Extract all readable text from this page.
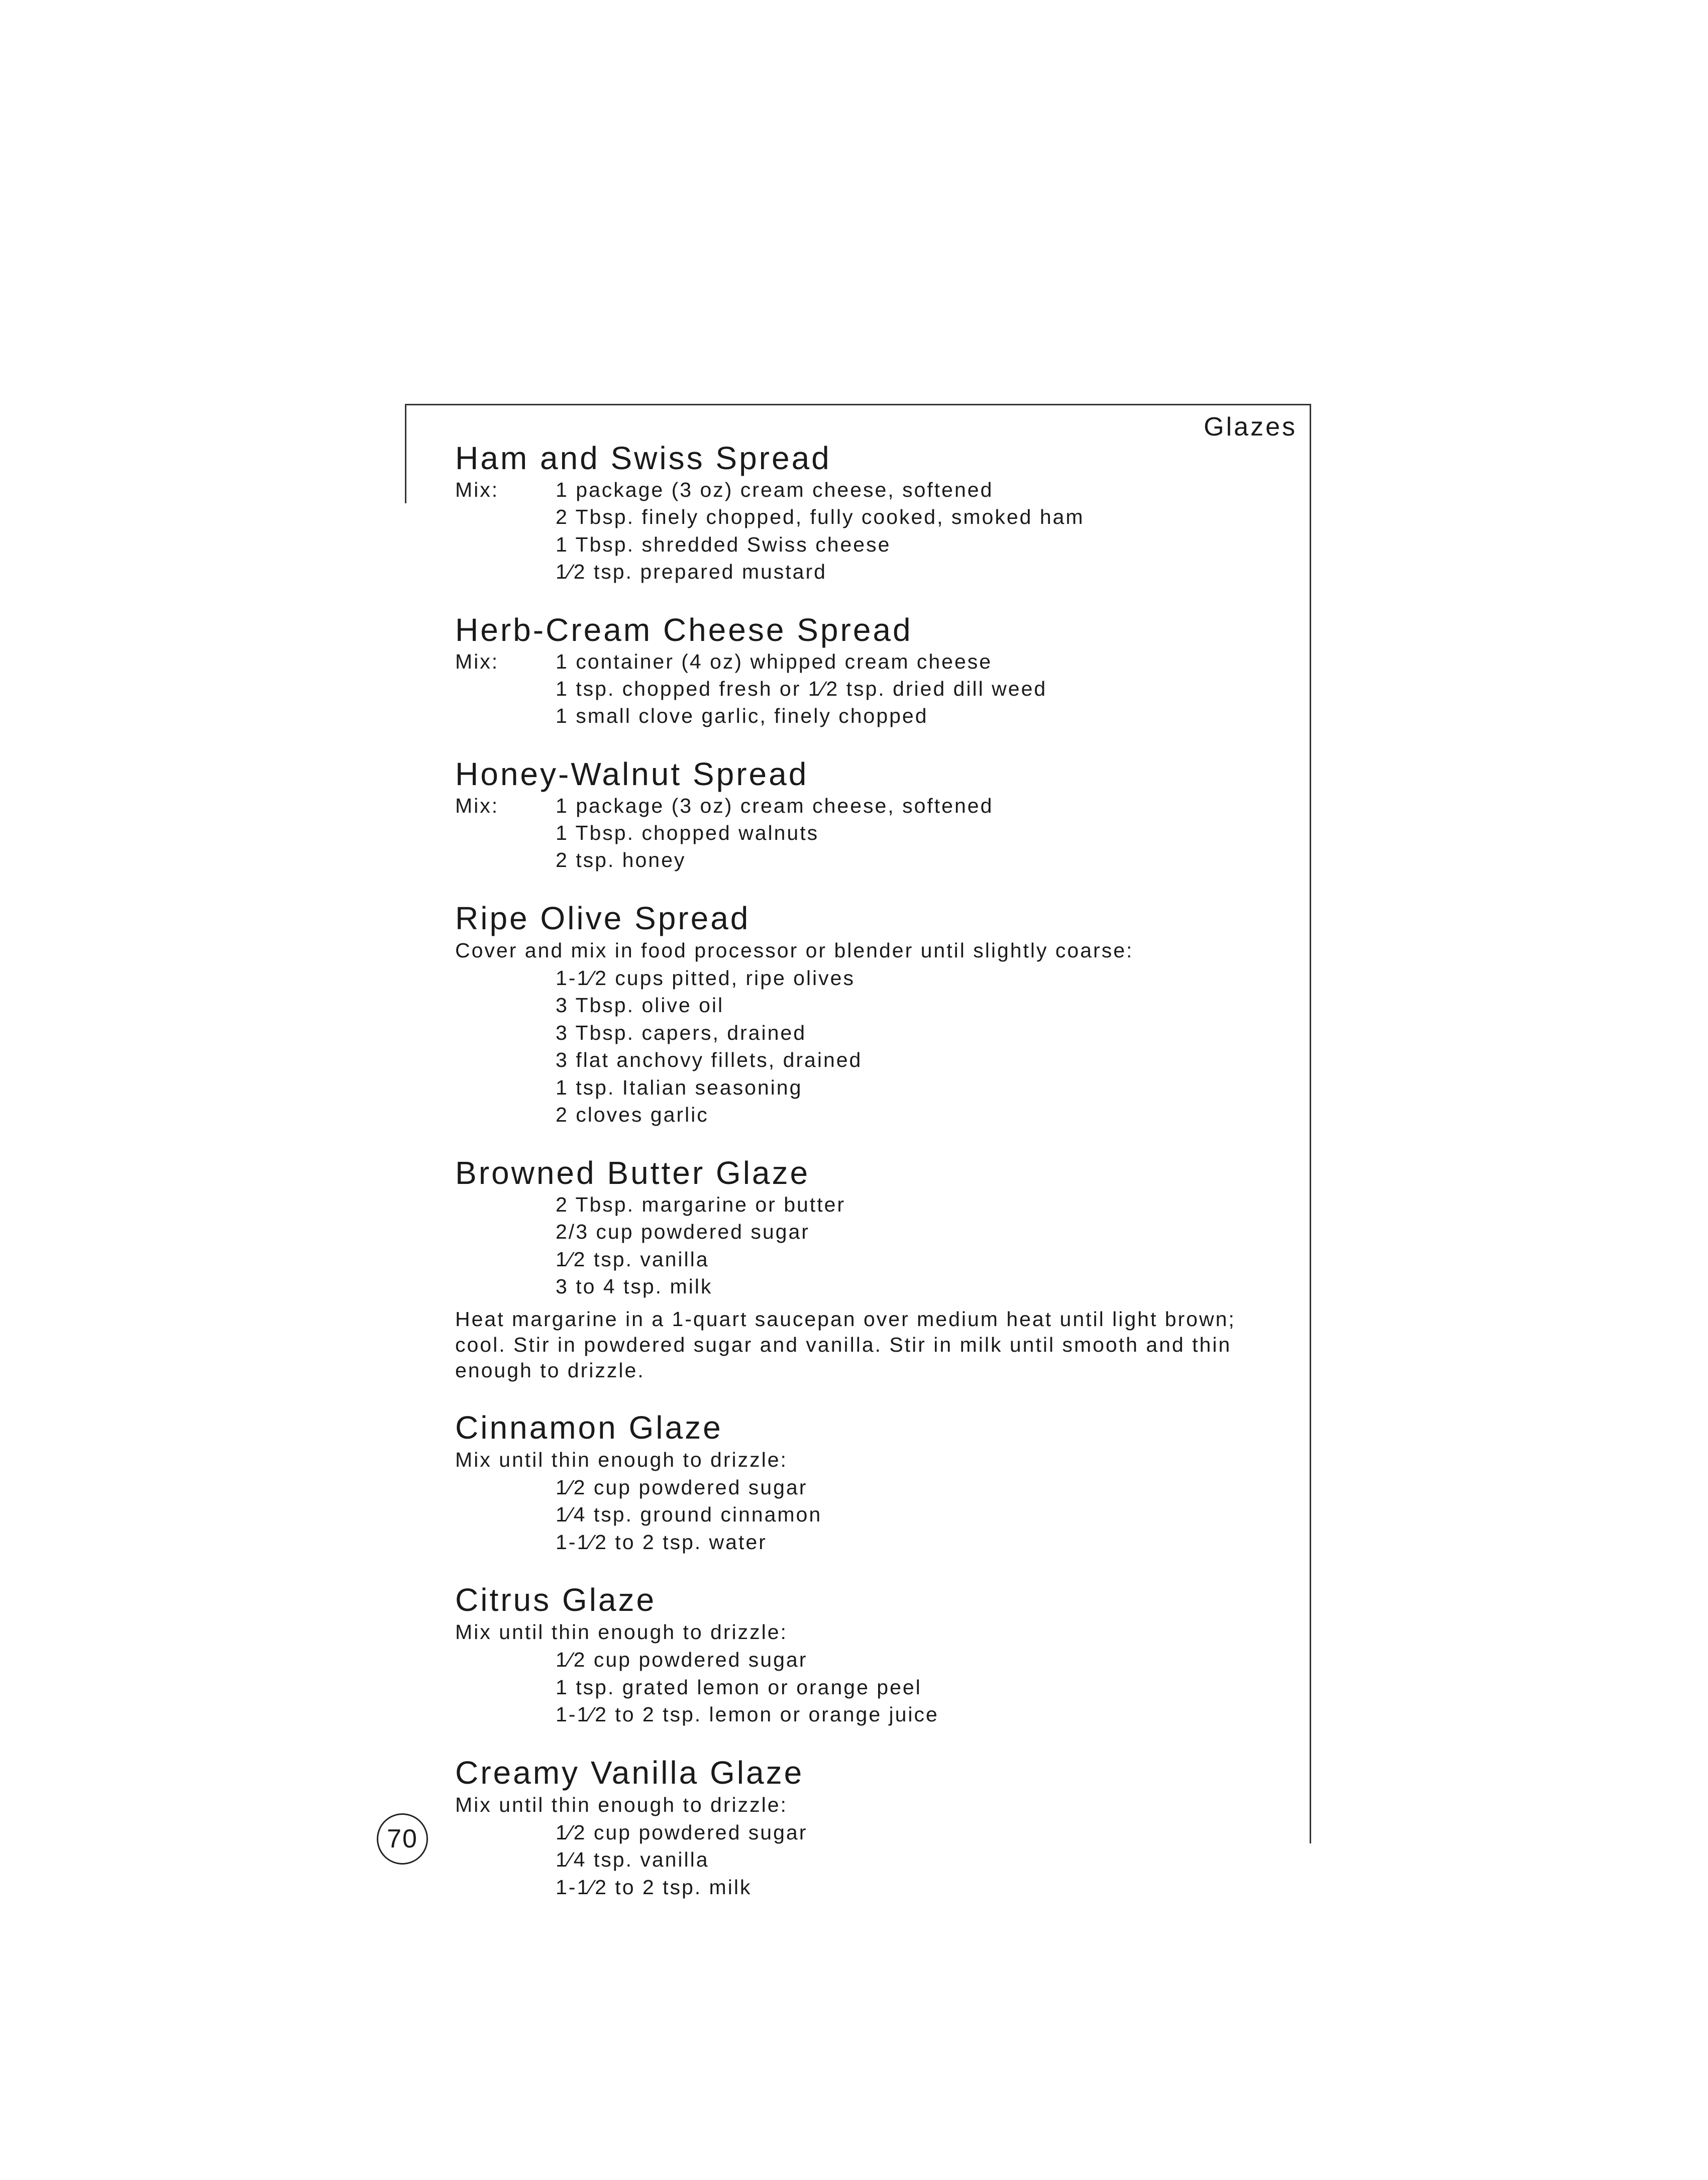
Glazes
Ham and Swiss Spread
Mix:	1 package (3 oz) cream cheese, softened
2 Tbsp. finely chopped, fully cooked, smoked ham
1 Tbsp. shredded Swiss cheese
1⁄2 tsp. prepared mustard
Herb-Cream Cheese Spread
Mix:	1 container (4 oz) whipped cream cheese
1 tsp. chopped fresh or 1⁄2 tsp. dried dill weed
1 small clove garlic, finely chopped
Honey-Walnut Spread
Mix:	1 package (3 oz) cream cheese, softened
1 Tbsp. chopped walnuts
2 tsp. honey
Ripe Olive Spread
Cover and mix in food processor or blender until slightly coarse:
1-1⁄2 cups pitted, ripe olives
3 Tbsp. olive oil
3 Tbsp. capers, drained
3 flat anchovy fillets, drained
1 tsp. Italian seasoning
2 cloves garlic
Browned Butter Glaze
2 Tbsp. margarine or butter
2/3 cup powdered sugar
1⁄2 tsp. vanilla
3 to 4 tsp. milk
Heat margarine in a 1-quart saucepan over medium heat until light brown; cool. Stir in powdered sugar and vanilla. Stir in milk until smooth and thin enough to drizzle.
Cinnamon Glaze
Mix until thin enough to drizzle:
1⁄2 cup powdered sugar
1⁄4 tsp. ground cinnamon
1-1⁄2 to 2 tsp. water
Citrus Glaze
Mix until thin enough to drizzle:
1⁄2 cup powdered sugar
1 tsp. grated lemon or orange peel
1-1⁄2 to 2 tsp. lemon or orange juice
Creamy Vanilla Glaze
Mix until thin enough to drizzle:
1⁄2 cup powdered sugar
1⁄4 tsp. vanilla
1-1⁄2 to 2 tsp. milk
70
